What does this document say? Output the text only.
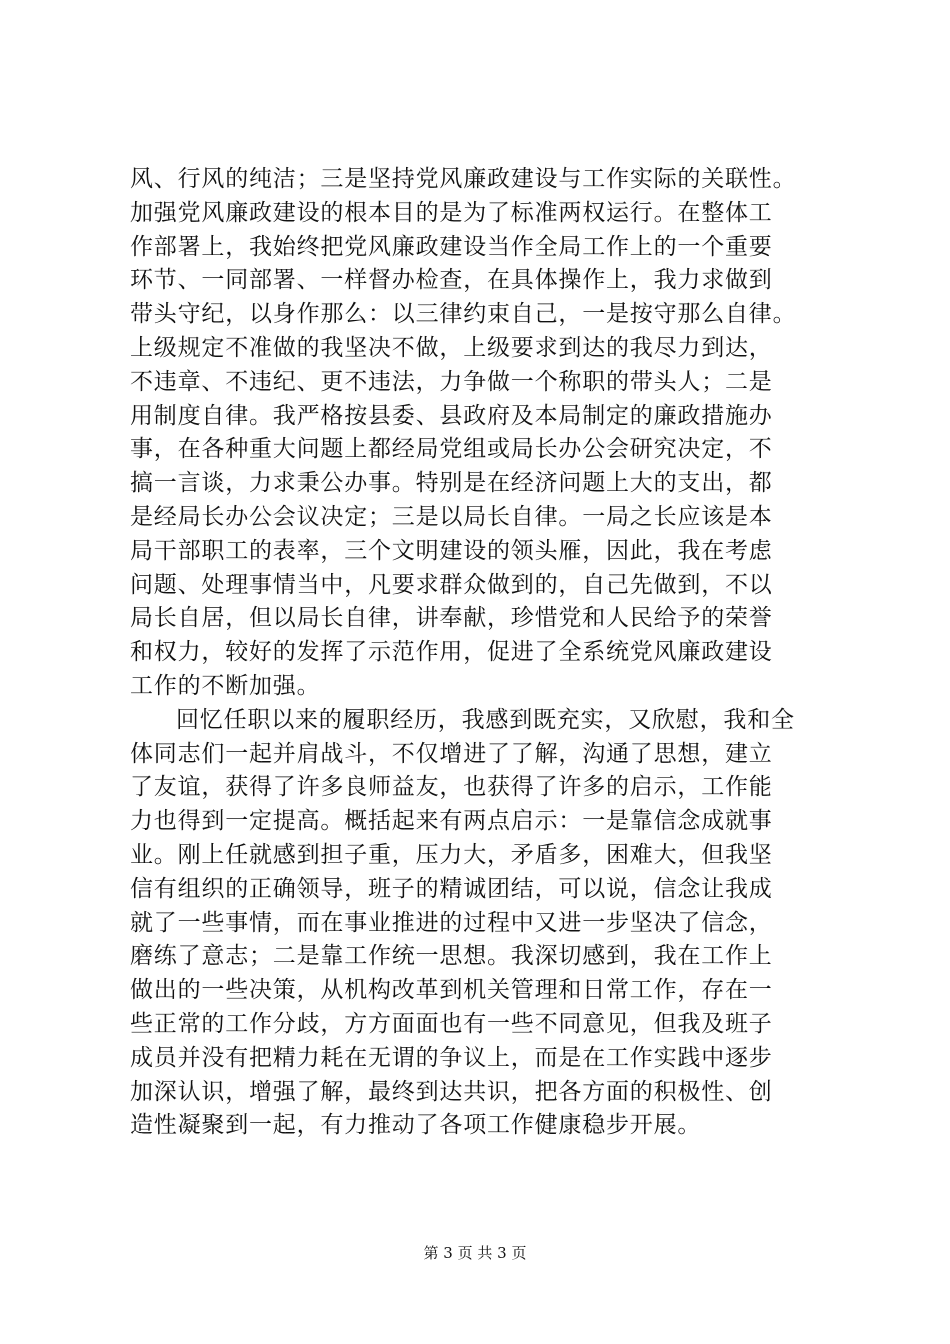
风、行风的纯洁；三是坚持党风廉政建设与工作实际的关联性。
加强党风廉政建设的根本目的是为了标准两权运行。在整体工
作部署上，我始终把党风廉政建设当作全局工作上的一个重要
环节、一同部署、一样督办检查，在具体操作上，我力求做到
带头守纪，以身作那么：以三律约束自己，一是按守那么自律。
上级规定不准做的我坚决不做，上级要求到达的我尽力到达，
不违章、不违纪、更不违法，力争做一个称职的带头人；二是
用制度自律。我严格按县委、县政府及本局制定的廉政措施办
事，在各种重大问题上都经局党组或局长办公会研究决定，不
搞一言谈，力求秉公办事。特别是在经济问题上大的支出，都
是经局长办公会议决定；三是以局长自律。一局之长应该是本
局干部职工的表率，三个文明建设的领头雁，因此，我在考虑
问题、处理事情当中，凡要求群众做到的，自己先做到，不以
局长自居，但以局长自律，讲奉献，珍惜党和人民给予的荣誉
和权力，较好的发挥了示范作用，促进了全系统党风廉政建设
工作的不断加强。
回忆任职以来的履职经历，我感到既充实，又欣慰，我和全
体同志们一起并肩战斗，不仅增进了了解，沟通了思想，建立
了友谊，获得了许多良师益友，也获得了许多的启示，工作能
力也得到一定提高。概括起来有两点启示：一是靠信念成就事
业。刚上任就感到担子重，压力大，矛盾多，困难大，但我坚
信有组织的正确领导，班子的精诚团结，可以说，信念让我成
就了一些事情，而在事业推进的过程中又进一步坚决了信念，
磨练了意志；二是靠工作统一思想。我深切感到，我在工作上
做出的一些决策，从机构改革到机关管理和日常工作，存在一
些正常的工作分歧，方方面面也有一些不同意见，但我及班子
成员并没有把精力耗在无谓的争议上，而是在工作实践中逐步
加深认识，增强了解，最终到达共识，把各方面的积极性、创
造性凝聚到一起，有力推动了各项工作健康稳步开展。
第 3 页 共 3 页
